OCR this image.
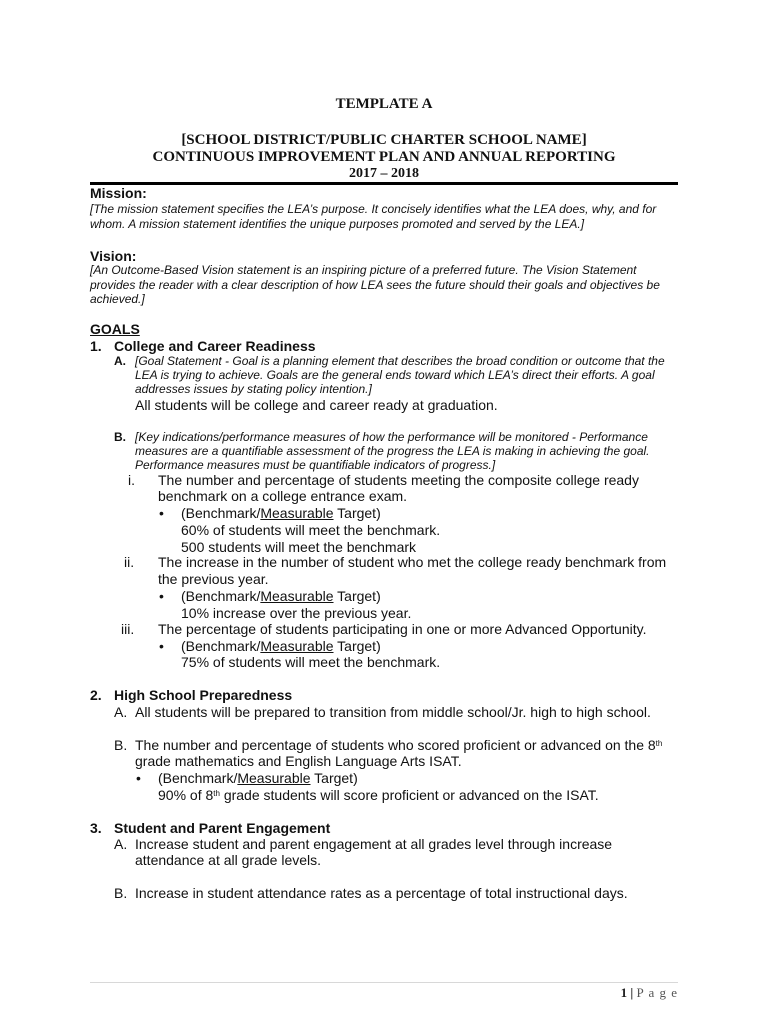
TEMPLATE A
[SCHOOL DISTRICT/PUBLIC CHARTER SCHOOL NAME]
CONTINUOUS IMPROVEMENT PLAN AND ANNUAL REPORTING
2017 – 2018
Mission:
[The mission statement specifies the LEA’s purpose. It concisely identifies what the LEA does, why, and for
whom. A mission statement identifies the unique purposes promoted and served by the LEA.]
Vision:
[An Outcome-Based Vision statement is an inspiring picture of a preferred future. The Vision Statement
provides the reader with a clear description of how LEA sees the future should their goals and objectives be
achieved.]
GOALS
1. College and Career Readiness
A. [Goal Statement - Goal is a planning element that describes the broad condition or outcome that the
LEA is trying to achieve. Goals are the general ends toward which LEA’s direct their efforts. A goal
addresses issues by stating policy intention.]
All students will be college and career ready at graduation.
B. [Key indications/performance measures of how the performance will be monitored - Performance
measures are a quantifiable assessment of the progress the LEA is making in achieving the goal.
Performance measures must be quantifiable indicators of progress.]
i. The number and percentage of students meeting the composite college ready
benchmark on a college entrance exam.
• (Benchmark/Measurable Target)
60% of students will meet the benchmark.
500 students will meet the benchmark
ii. The increase in the number of student who met the college ready benchmark from
the previous year.
• (Benchmark/Measurable Target)
10% increase over the previous year.
iii. The percentage of students participating in one or more Advanced Opportunity.
• (Benchmark/Measurable Target)
75% of students will meet the benchmark.
2. High School Preparedness
A. All students will be prepared to transition from middle school/Jr. high to high school.
B. The number and percentage of students who scored proficient or advanced on the 8th
grade mathematics and English Language Arts ISAT.
• (Benchmark/Measurable Target)
90% of 8th grade students will score proficient or advanced on the ISAT.
3. Student and Parent Engagement
A. Increase student and parent engagement at all grades level through increase
attendance at all grade levels.
B. Increase in student attendance rates as a percentage of total instructional days.
1 | P a g e
